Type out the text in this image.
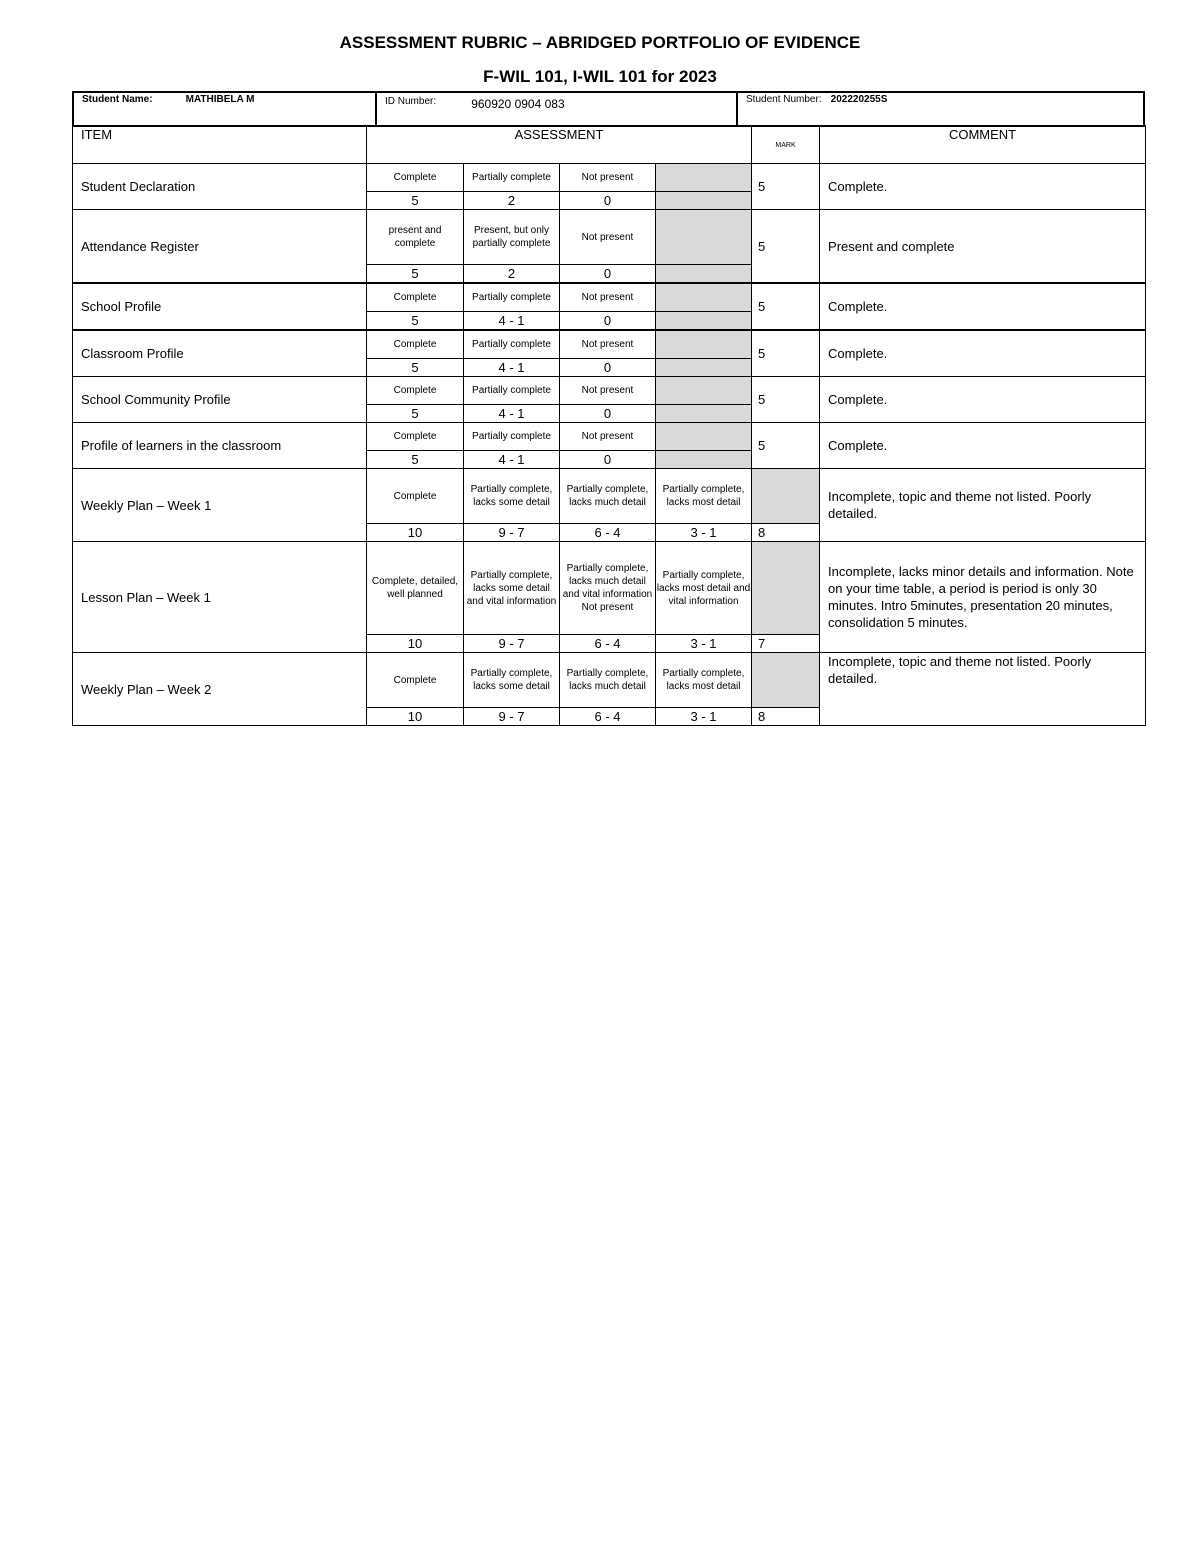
ASSESSMENT RUBRIC – ABRIDGED PORTFOLIO OF EVIDENCE
F-WIL 101, I-WIL 101 for 2023
Student Name:	MATHIBELA M	ID Number:	960920 0904 083	Student Number: 202220255S
ITEM	ASSESSMENT				MARK	COMMENT
Student Declaration	Complete	Partially complete	Not present		5	Complete.
	5	2	0			
Attendance Register	present and complete	Present, but only partially complete	Not present		5	Present and complete
	5	2	0			
School Profile	Complete	Partially complete	Not present		5	Complete.
	5	4 - 1	0			
Classroom Profile	Complete	Partially complete	Not present		5	Complete.
	5	4 - 1	0			
School Community Profile	Complete	Partially complete	Not present		5	Complete.
	5	4 - 1	0			
Profile of learners in the classroom	Complete	Partially complete	Not present		5	Complete.
	5	4 - 1	0			
Weekly Plan – Week 1	Complete	Partially complete, lacks some detail	Partially complete, lacks much detail	Partially complete, lacks most detail		Incomplete, topic and theme not listed. Poorly detailed.
	10	9 - 7	6 - 4	3 - 1	8	
Lesson Plan – Week 1	Complete, detailed, well planned	Partially complete, lacks some detail and vital information	Partially complete, lacks much detail and vital information Not present	Partially complete, lacks most detail and vital information		Incomplete, lacks minor details and information. Note on your time table, a period is period is only 30 minutes. Intro 5minutes, presentation 20 minutes, consolidation 5 minutes.
	10	9 - 7	6 - 4	3 - 1	7	
Weekly Plan – Week 2	Complete	Partially complete, lacks some detail	Partially complete, lacks much detail	Partially complete, lacks most detail		Incomplete, topic and theme not listed. Poorly detailed.
	10	9 - 7	6 - 4	3 - 1	8	
